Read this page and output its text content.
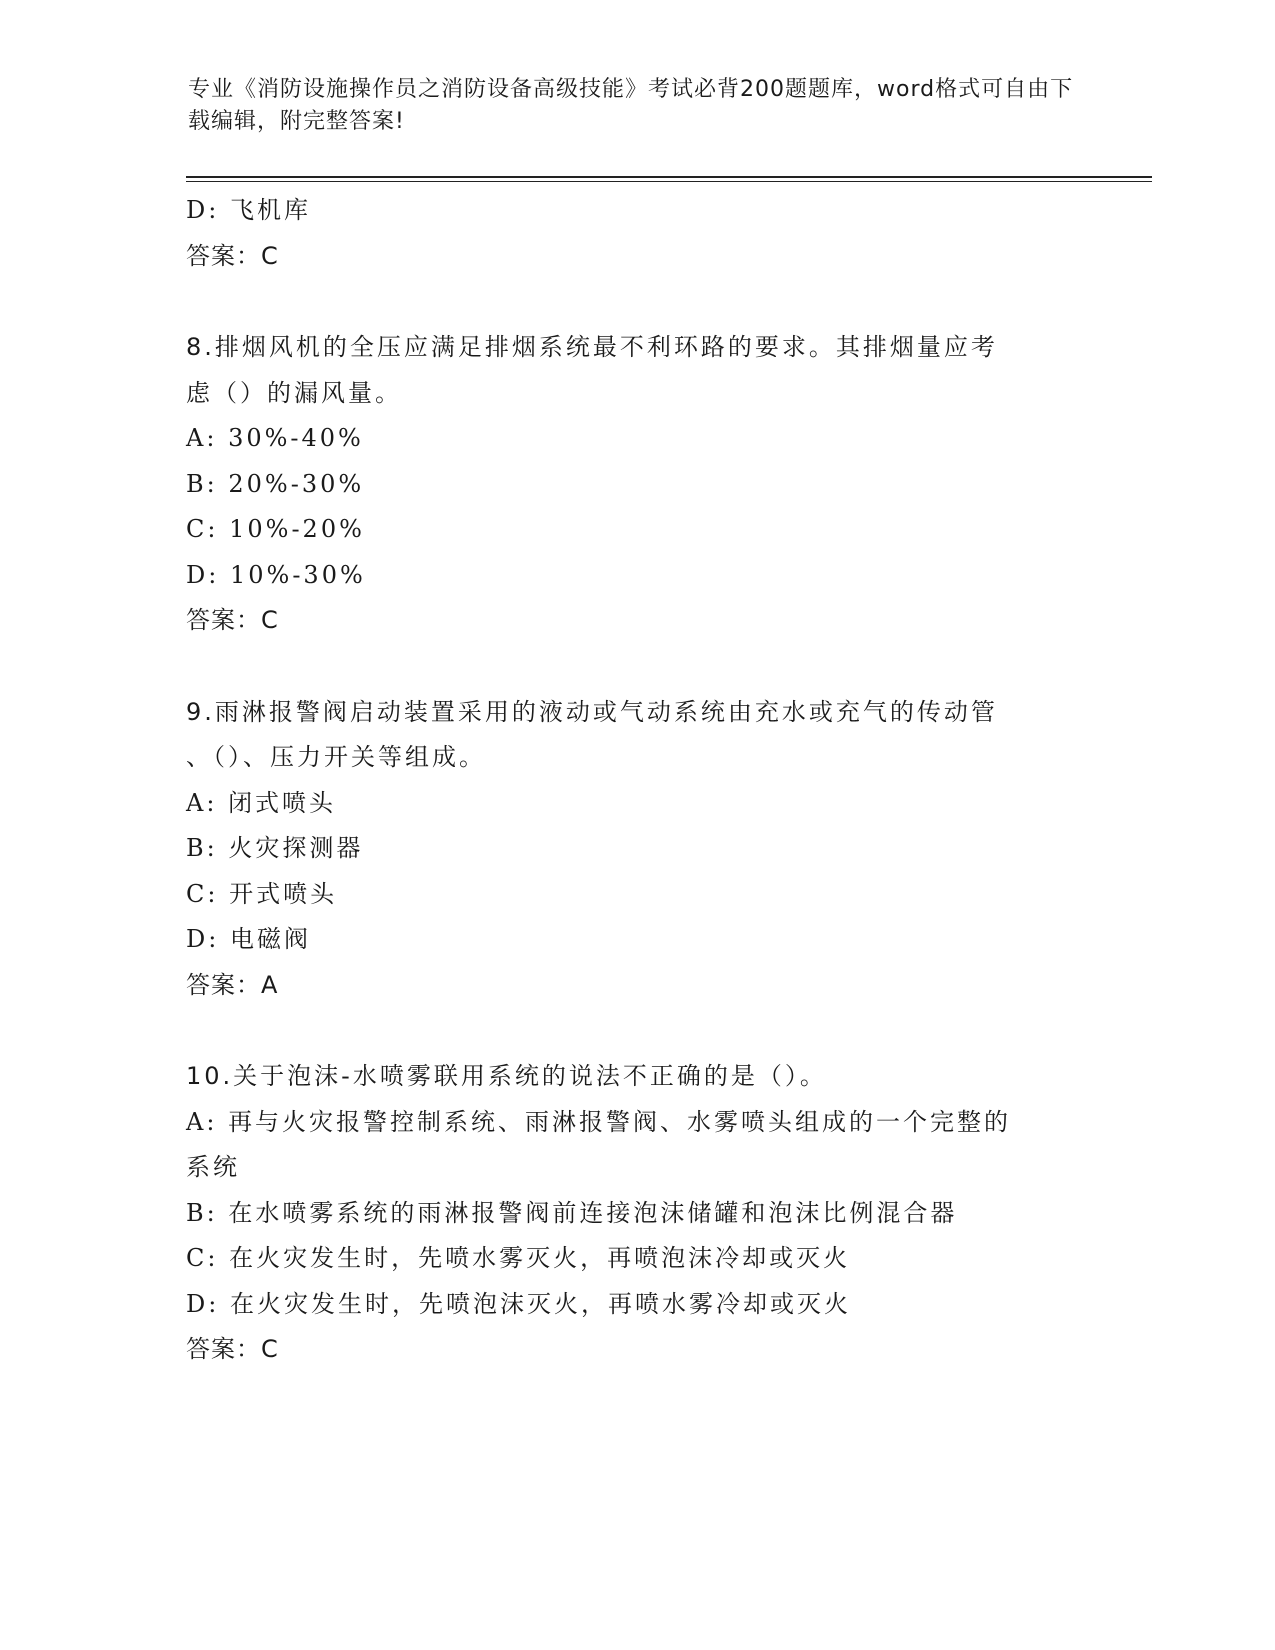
专业《消防设施操作员之消防设备高级技能》考试必背200题题库，word格式可自由下载编辑，附完整答案!
D: 飞机库
答案：C
8.排烟风机的全压应满足排烟系统最不利环路的要求。其排烟量应考
虑（）的漏风量。
A: 30%-40%
B: 20%-30%
C: 10%-20%
D: 10%-30%
答案：C
9.雨淋报警阀启动装置采用的液动或气动系统由充水或充气的传动管
、（）、压力开关等组成。
A: 闭式喷头
B: 火灾探测器
C: 开式喷头
D: 电磁阀
答案：A
10.关于泡沫-水喷雾联用系统的说法不正确的是（）。
A: 再与火灾报警控制系统、雨淋报警阀、水雾喷头组成的一个完整的
系统
B: 在水喷雾系统的雨淋报警阀前连接泡沫储罐和泡沫比例混合器
C: 在火灾发生时，先喷水雾灭火，再喷泡沫冷却或灭火
D: 在火灾发生时，先喷泡沫灭火，再喷水雾冷却或灭火
答案：C
